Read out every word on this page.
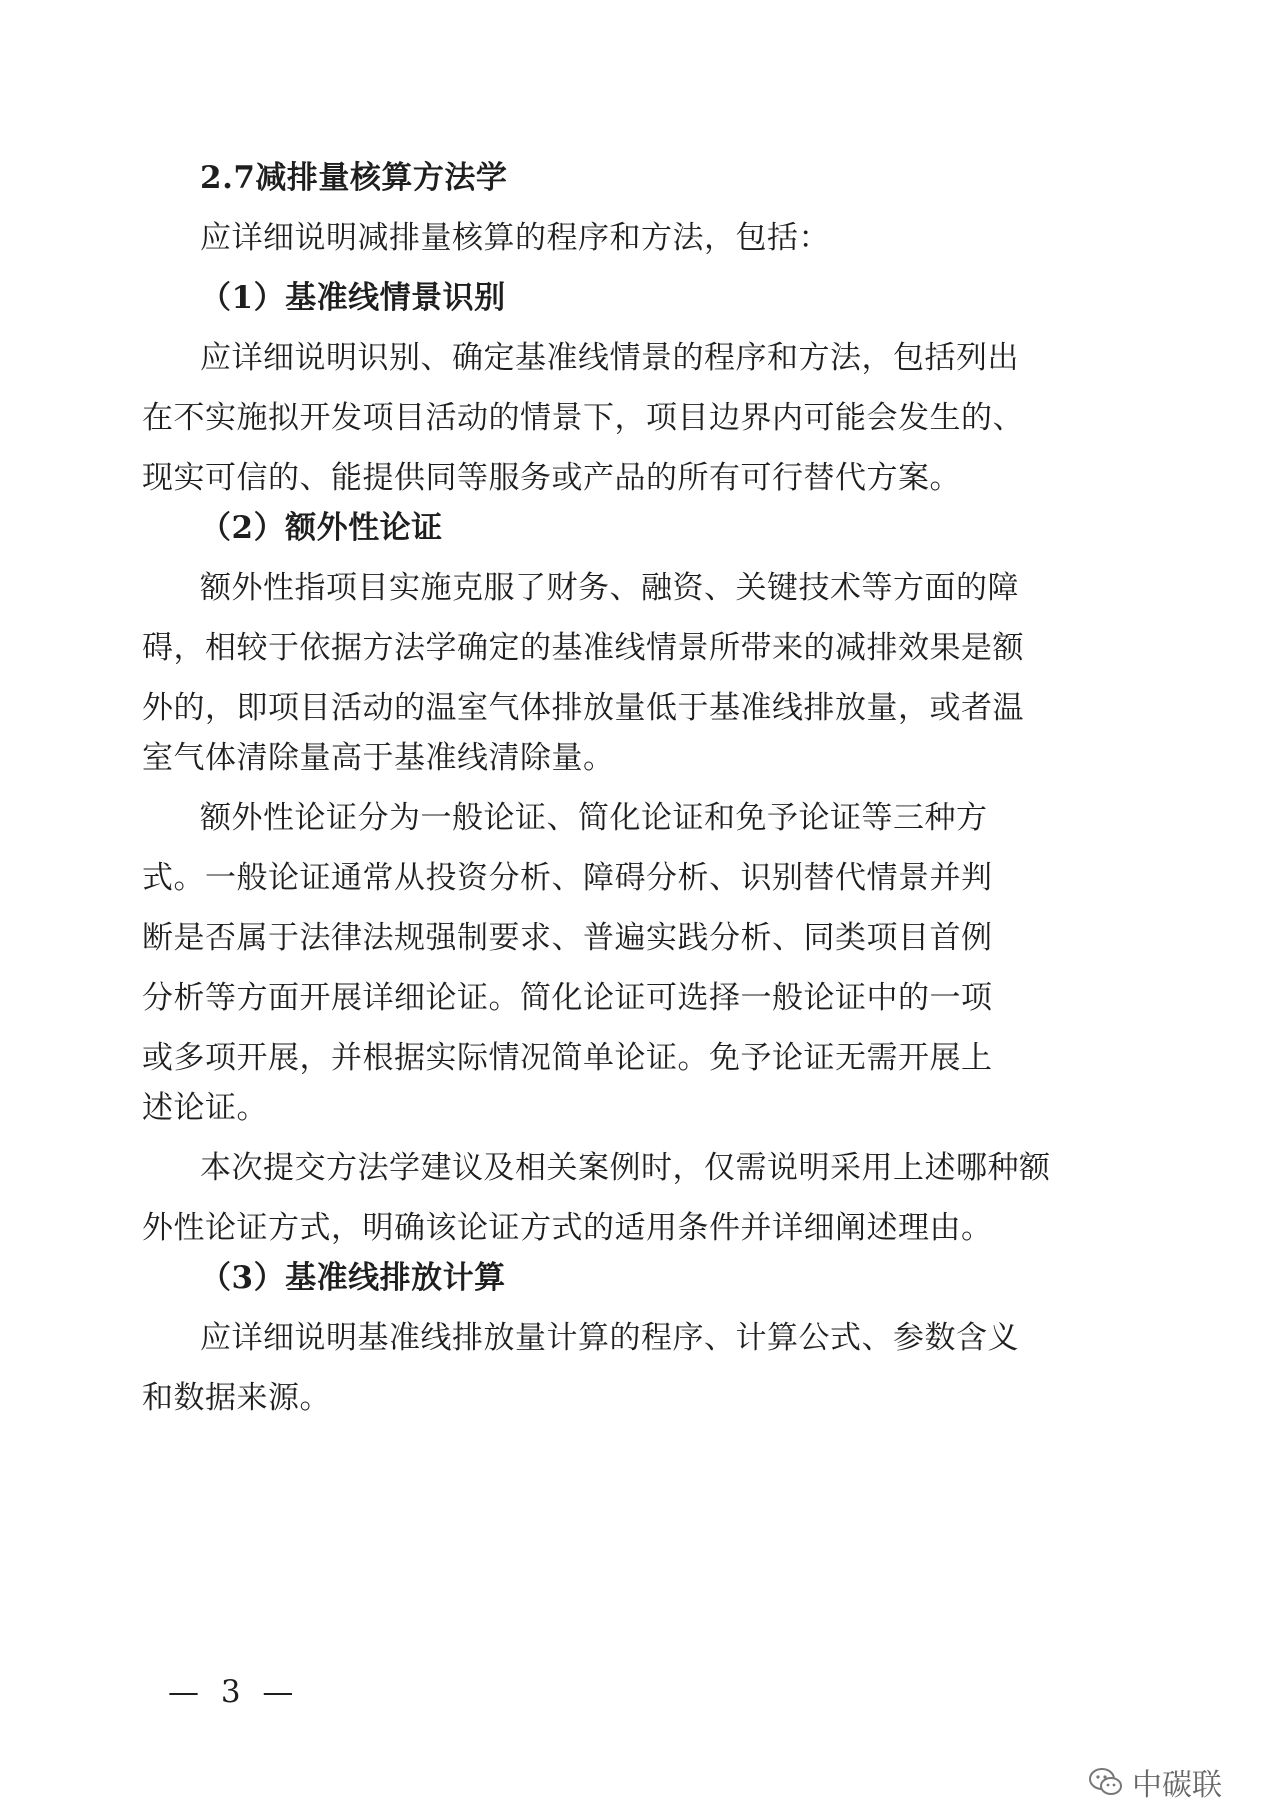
2.7减排量核算方法学
应详细说明减排量核算的程序和方法，包括：
（1）基准线情景识别
应详细说明识别、确定基准线情景的程序和方法，包括列出
在不实施拟开发项目活动的情景下，项目边界内可能会发生的、
现实可信的、能提供同等服务或产品的所有可行替代方案。
（2）额外性论证
额外性指项目实施克服了财务、融资、关键技术等方面的障
碍，相较于依据方法学确定的基准线情景所带来的减排效果是额
外的，即项目活动的温室气体排放量低于基准线排放量，或者温
室气体清除量高于基准线清除量。
额外性论证分为一般论证、简化论证和免予论证等三种方
式。一般论证通常从投资分析、障碍分析、识别替代情景并判
断是否属于法律法规强制要求、普遍实践分析、同类项目首例
分析等方面开展详细论证。简化论证可选择一般论证中的一项
或多项开展，并根据实际情况简单论证。免予论证无需开展上
述论证。
本次提交方法学建议及相关案例时，仅需说明采用上述哪种额
外性论证方式，明确该论证方式的适用条件并详细阐述理由。
（3）基准线排放计算
应详细说明基准线排放量计算的程序、计算公式、参数含义
和数据来源。
— 3 —
中碳联
